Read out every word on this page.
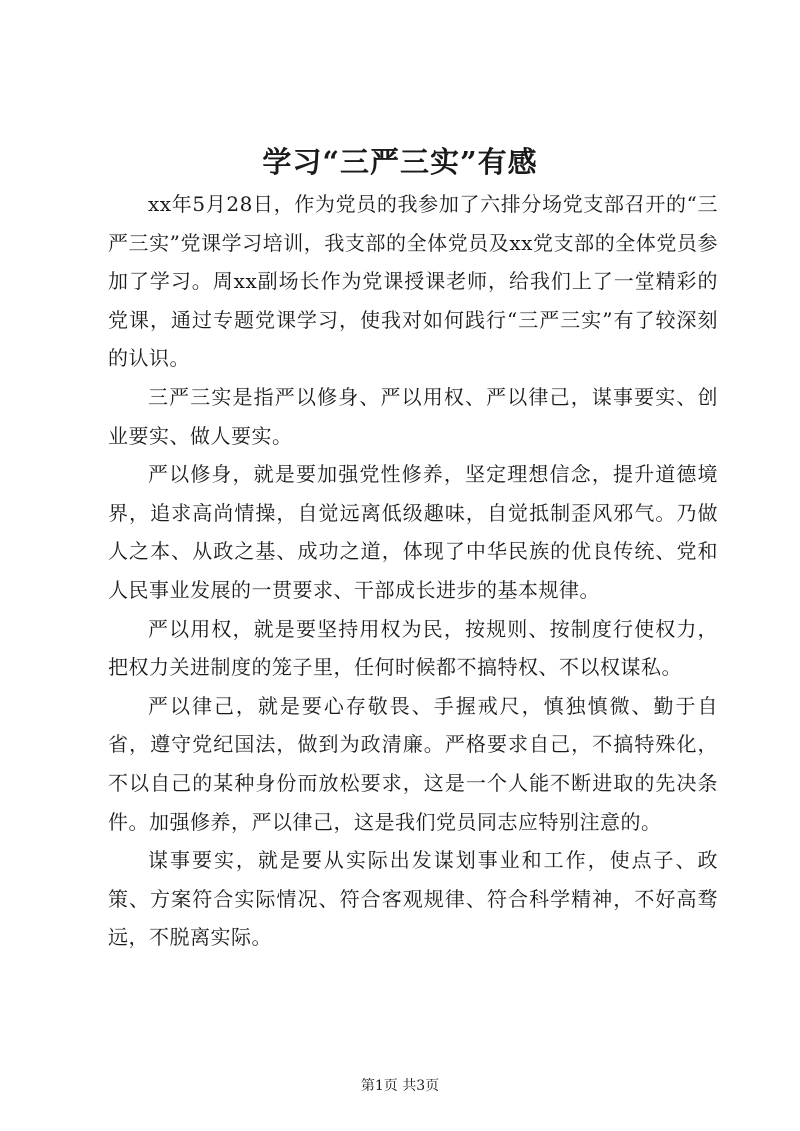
学习“三严三实”有感

xx年5月28日，作为党员的我参加了六排分场党支部召开的“三严三实”党课学习培训，我支部的全体党员及xx党支部的全体党员参加了学习。周xx副场长作为党课授课老师，给我们上了一堂精彩的党课，通过专题党课学习，使我对如何践行“三严三实”有了较深刻的认识。

三严三实是指严以修身、严以用权、严以律己，谋事要实、创业要实、做人要实。

严以修身，就是要加强党性修养，坚定理想信念，提升道德境界，追求高尚情操，自觉远离低级趣味，自觉抵制歪风邪气。乃做人之本、从政之基、成功之道，体现了中华民族的优良传统、党和人民事业发展的一贯要求、干部成长进步的基本规律。

严以用权，就是要坚持用权为民，按规则、按制度行使权力，把权力关进制度的笼子里，任何时候都不搞特权、不以权谋私。

严以律己，就是要心存敬畏、手握戒尺，慎独慎微、勤于自省，遵守党纪国法，做到为政清廉。严格要求自己，不搞特殊化，不以自己的某种身份而放松要求，这是一个人能不断进取的先决条件。加强修养，严以律己，这是我们党员同志应特别注意的。

谋事要实，就是要从实际出发谋划事业和工作，使点子、政策、方案符合实际情况、符合客观规律、符合科学精神，不好高骛远，不脱离实际。

第1页 共3页
